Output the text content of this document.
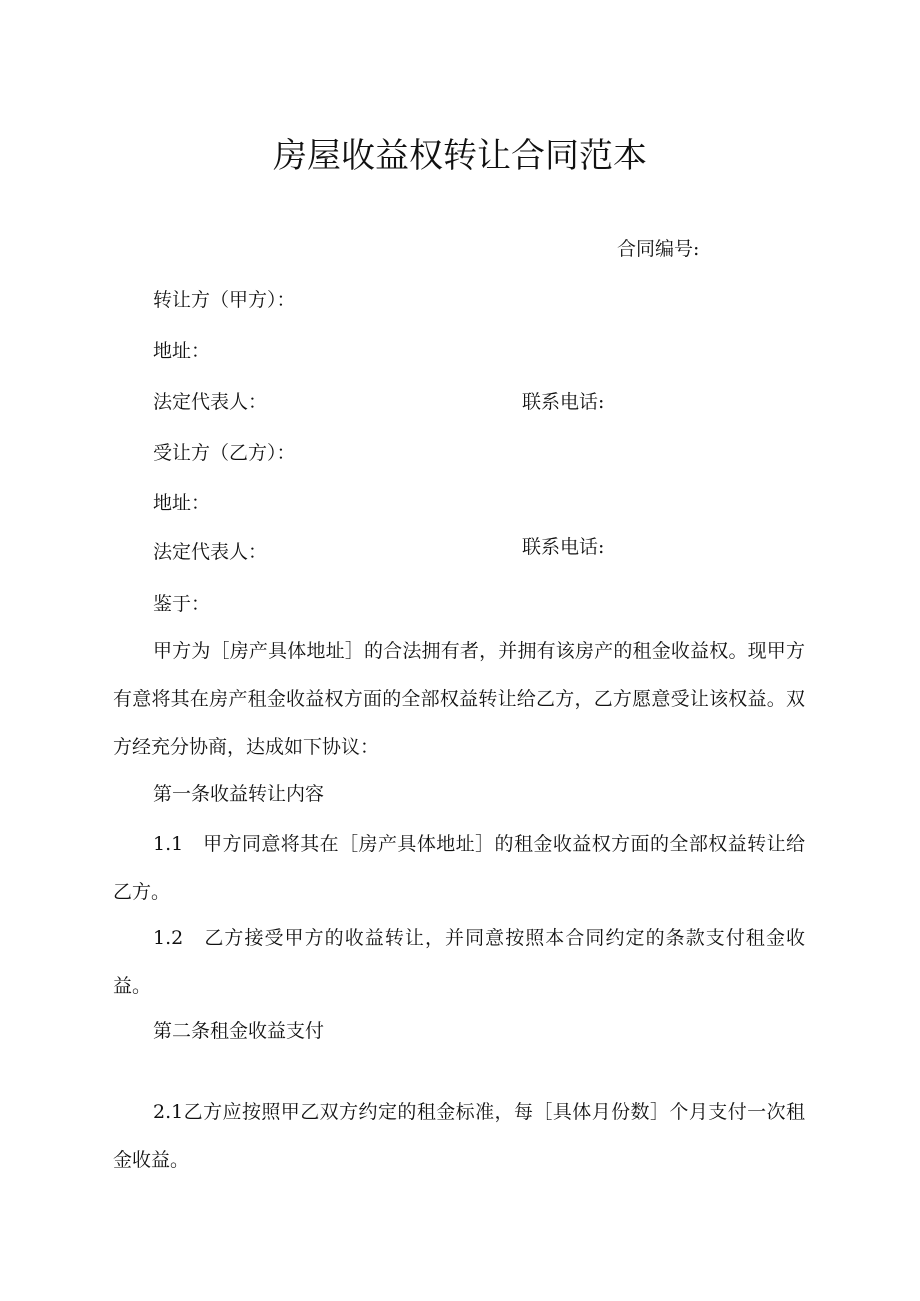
房屋收益权转让合同范本
合同编号:
转让方（甲方）：
地址：
法定代表人：	联系电话:
受让方（乙方）：
地址：
法定代表人：	联系电话:
鉴于：

甲方为［房产具体地址］的合法拥有者，并拥有该房产的租金收益权。现甲方有意将其在房产租金收益权方面的全部权益转让给乙方，乙方愿意受让该权益。双方经充分协商，达成如下协议：

第一条收益转让内容

1.1　甲方同意将其在［房产具体地址］的租金收益权方面的全部权益转让给乙方。

1.2　乙方接受甲方的收益转让，并同意按照本合同约定的条款支付租金收益。

第二条租金收益支付

2.1乙方应按照甲乙双方约定的租金标准，每［具体月份数］个月支付一次租金收益。
